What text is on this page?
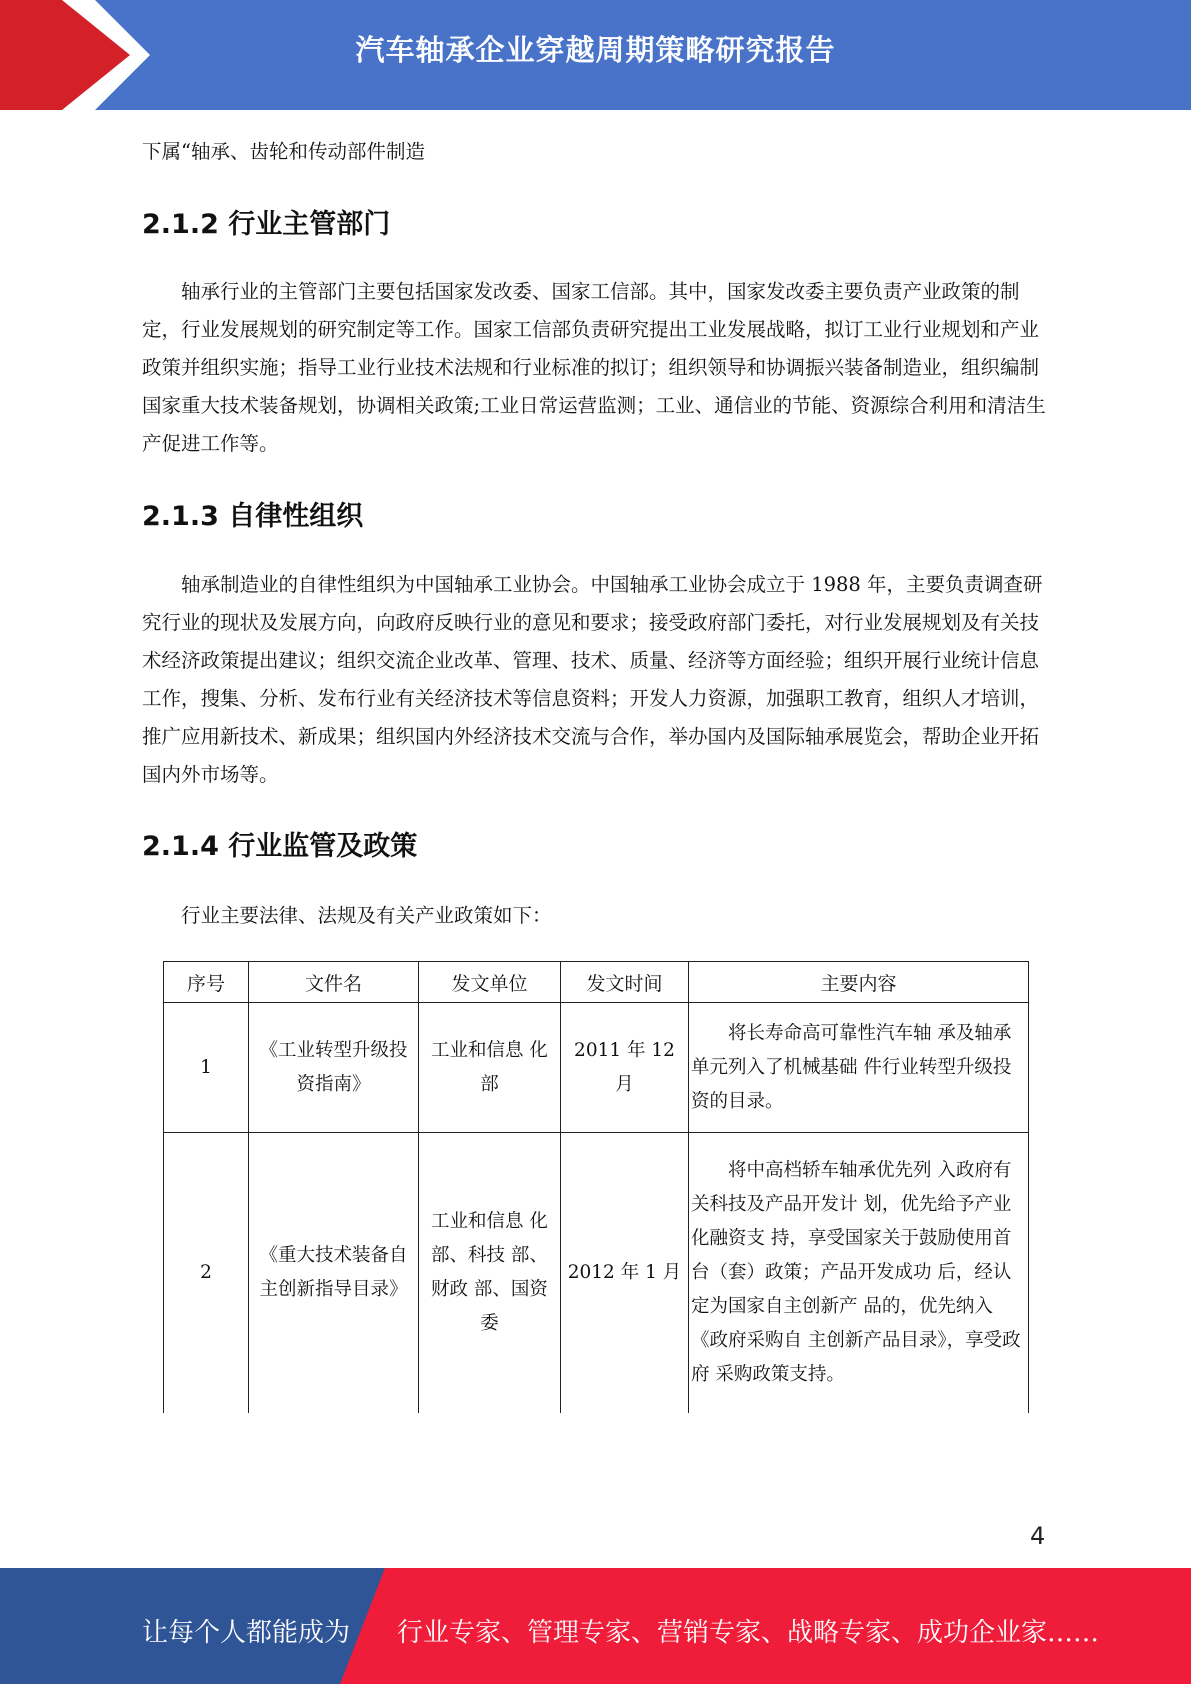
汽车轴承企业穿越周期策略研究报告
下属“轴承、齿轮和传动部件制造
2.1.2 行业主管部门
轴承行业的主管部门主要包括国家发改委、国家工信部。其中，国家发改委主要负责产业政策的制定，行业发展规划的研究制定等工作。国家工信部负责研究提出工业发展战略，拟订工业行业规划和产业政策并组织实施；指导工业行业技术法规和行业标准的拟订；组织领导和协调振兴装备制造业，组织编制国家重大技术装备规划，协调相关政策;工业日常运营监测；工业、通信业的节能、资源综合利用和清洁生产促进工作等。
2.1.3 自律性组织
轴承制造业的自律性组织为中国轴承工业协会。中国轴承工业协会成立于 1988 年，主要负责调查研究行业的现状及发展方向，向政府反映行业的意见和要求；接受政府部门委托，对行业发展规划及有关技术经济政策提出建议；组织交流企业改革、管理、技术、质量、经济等方面经验；组织开展行业统计信息工作，搜集、分析、发布行业有关经济技术等信息资料；开发人力资源，加强职工教育，组织人才培训，推广应用新技术、新成果；组织国内外经济技术交流与合作，举办国内及国际轴承展览会，帮助企业开拓国内外市场等。
2.1.4 行业监管及政策
行业主要法律、法规及有关产业政策如下：
序号	文件名	发文单位	发文时间	主要内容
1	《工业转型升级投资指南》	工业和信息 化部	2011 年 12 月	将长寿命高可靠性汽车轴 承及轴承单元列入了机械基础 件行业转型升级投资的目录。
2	《重大技术装备自主创新指导目录》	工业和信息 化部、科技 部、财政 部、国资委	2012 年 1 月	将中高档轿车轴承优先列 入政府有关科技及产品开发计 划，优先给予产业化融资支 持，享受国家关于鼓励使用首 台（套）政策；产品开发成功 后，经认定为国家自主创新产 品的，优先纳入《政府采购自 主创新产品目录》，享受政府 采购政策支持。
4
让每个人都能成为 行业专家、管理专家、营销专家、战略专家、成功企业家……
